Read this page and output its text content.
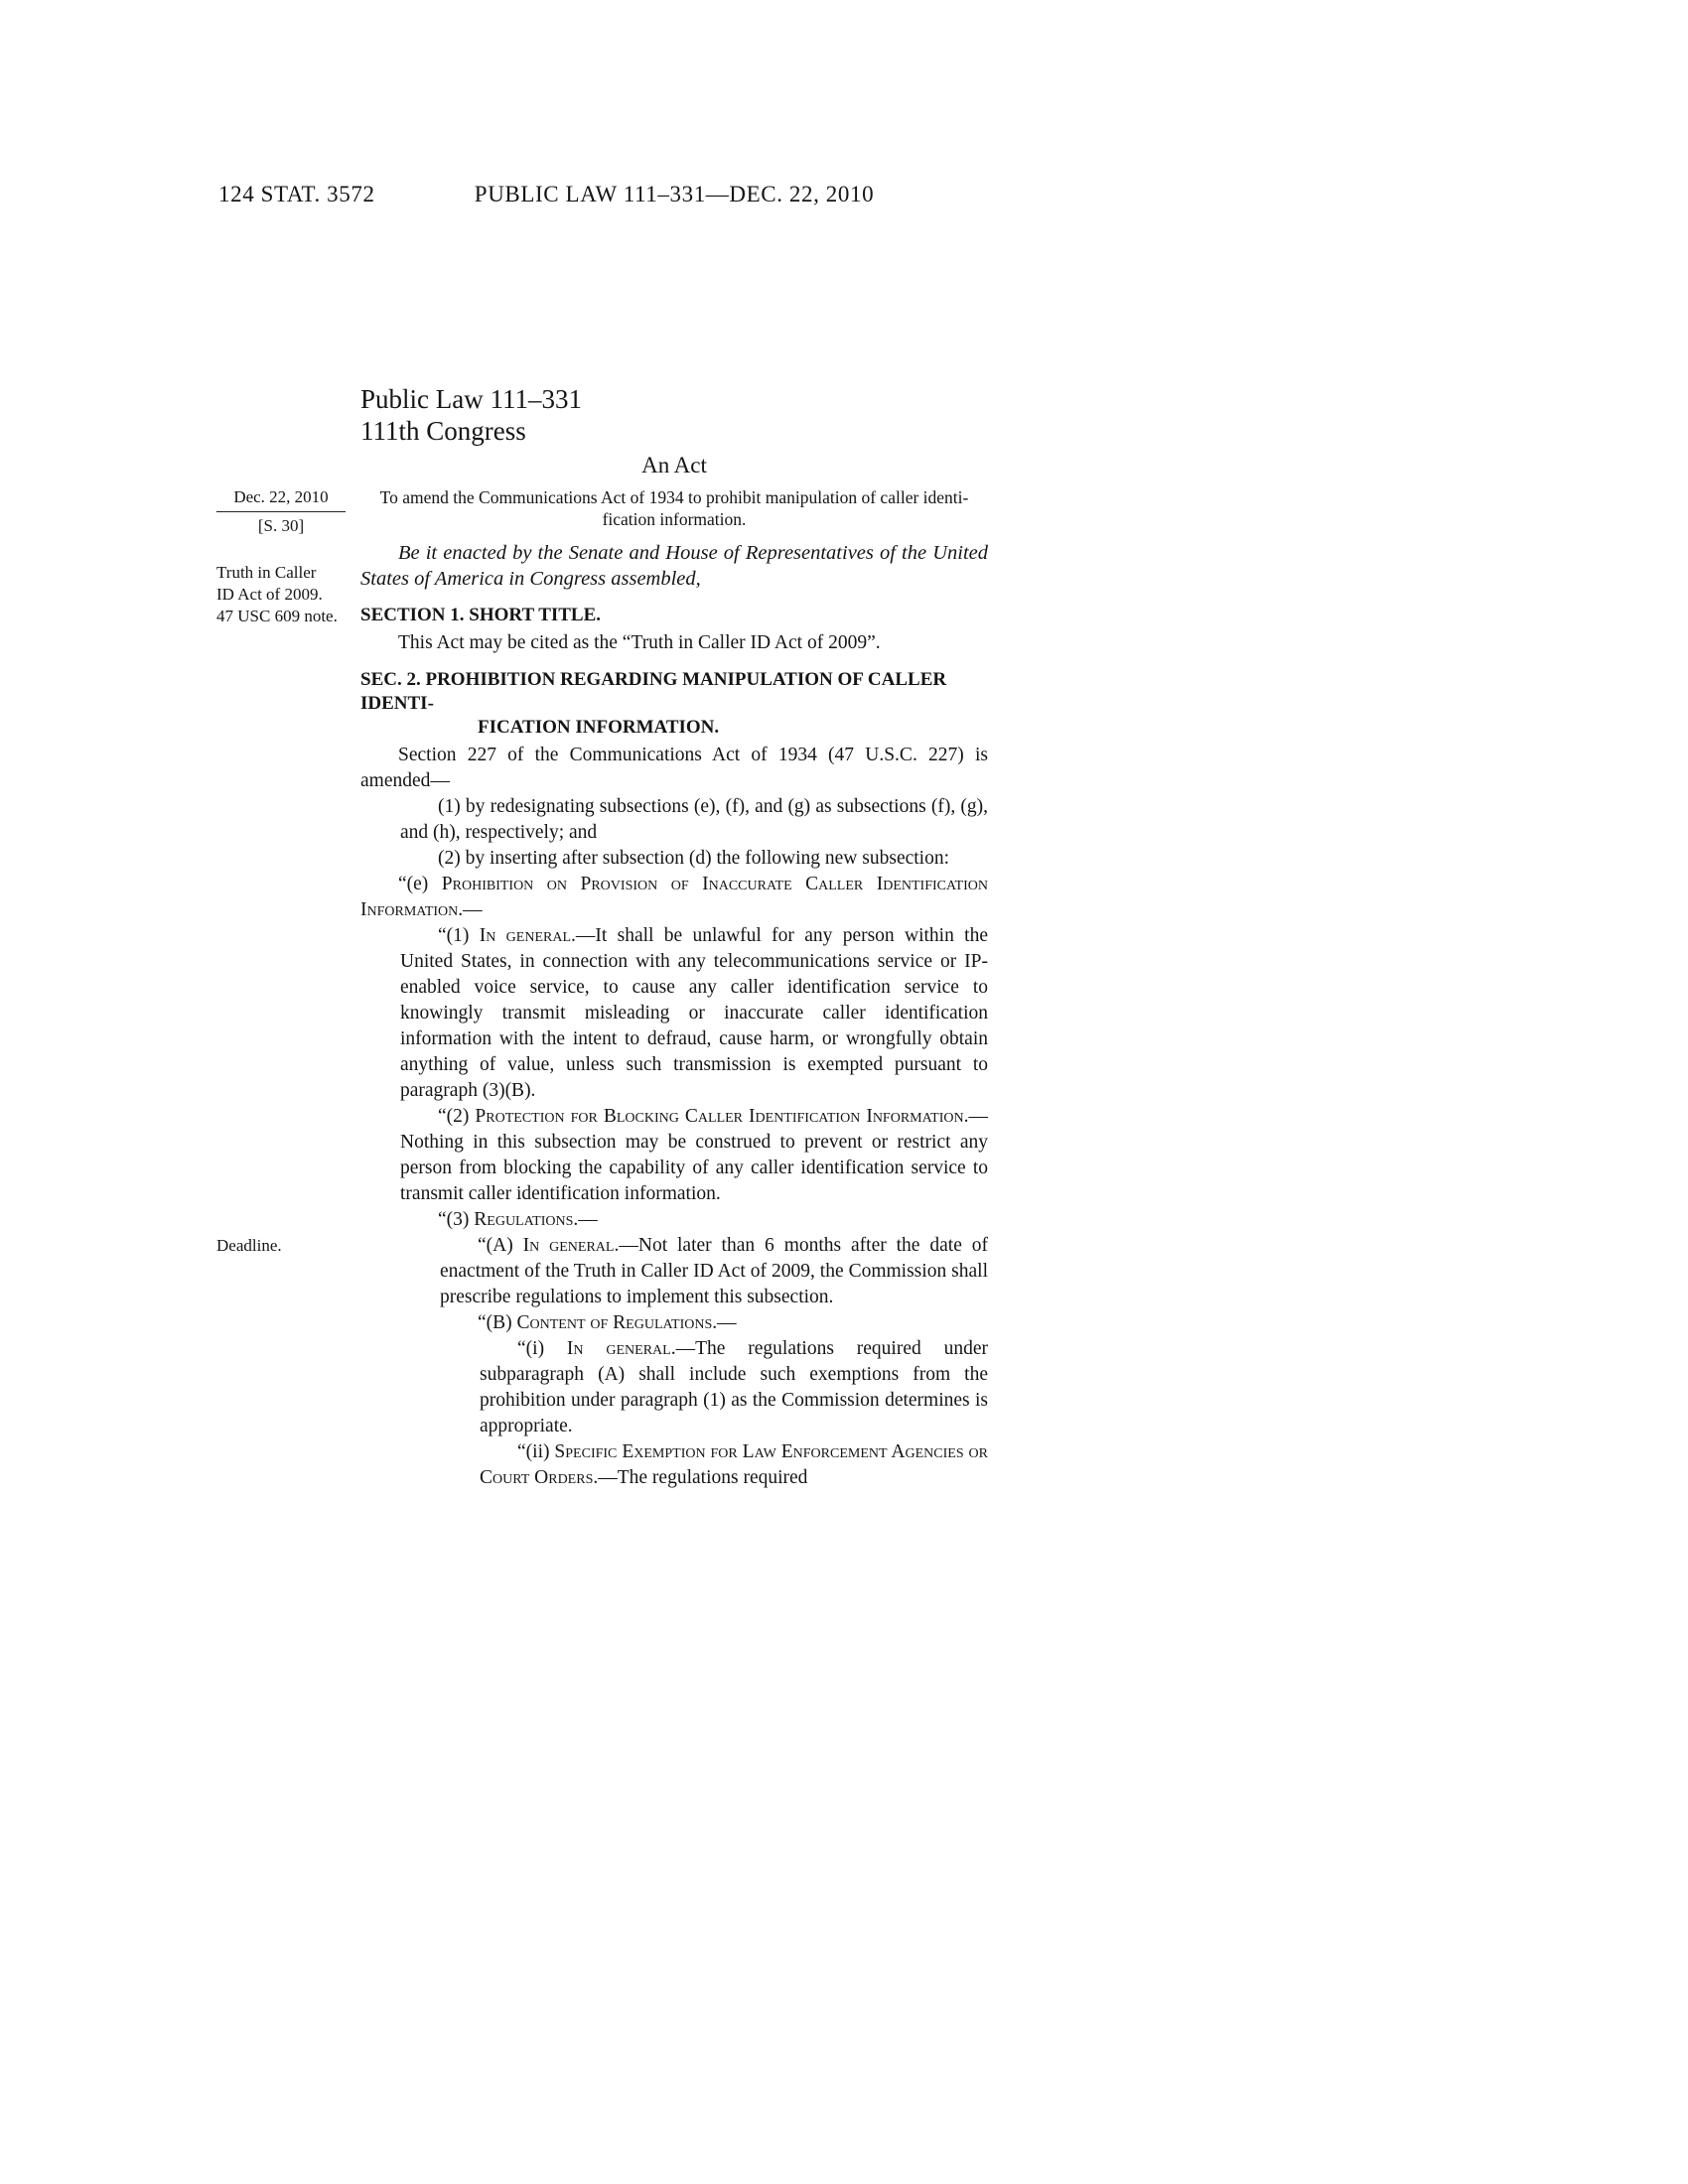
124 STAT. 3572	PUBLIC LAW 111–331—DEC. 22, 2010
Public Law 111–331
111th Congress
An Act
Dec. 22, 2010
[S. 30]
To amend the Communications Act of 1934 to prohibit manipulation of caller identi-
fication information.
Truth in Caller
ID Act of 2009.
47 USC 609 note.
Be it enacted by the Senate and House of Representatives of the United States of America in Congress assembled,
SECTION 1. SHORT TITLE.
This Act may be cited as the “Truth in Caller ID Act of 2009”.
SEC. 2. PROHIBITION REGARDING MANIPULATION OF CALLER IDENTI-
FICATION INFORMATION.
Section 227 of the Communications Act of 1934 (47 U.S.C. 227) is amended—
(1) by redesignating subsections (e), (f), and (g) as subsections (f), (g), and (h), respectively; and
(2) by inserting after subsection (d) the following new subsection:
“(e) Prohibition on Provision of Inaccurate Caller Identification Information.—
“(1) In general.—It shall be unlawful for any person within the United States, in connection with any telecommunications service or IP-enabled voice service, to cause any caller identification service to knowingly transmit misleading or inaccurate caller identification information with the intent to defraud, cause harm, or wrongfully obtain anything of value, unless such transmission is exempted pursuant to paragraph (3)(B).
“(2) Protection for Blocking Caller Identification Information.—Nothing in this subsection may be construed to prevent or restrict any person from blocking the capability of any caller identification service to transmit caller identification information.
“(3) Regulations.—
Deadline.	“(A) In general.—Not later than 6 months after the date of enactment of the Truth in Caller ID Act of 2009, the Commission shall prescribe regulations to implement this subsection.
“(B) Content of Regulations.—
“(i) In general.—The regulations required under subparagraph (A) shall include such exemptions from the prohibition under paragraph (1) as the Commission determines is appropriate.
“(ii) Specific Exemption for Law Enforcement Agencies or Court Orders.—The regulations required
